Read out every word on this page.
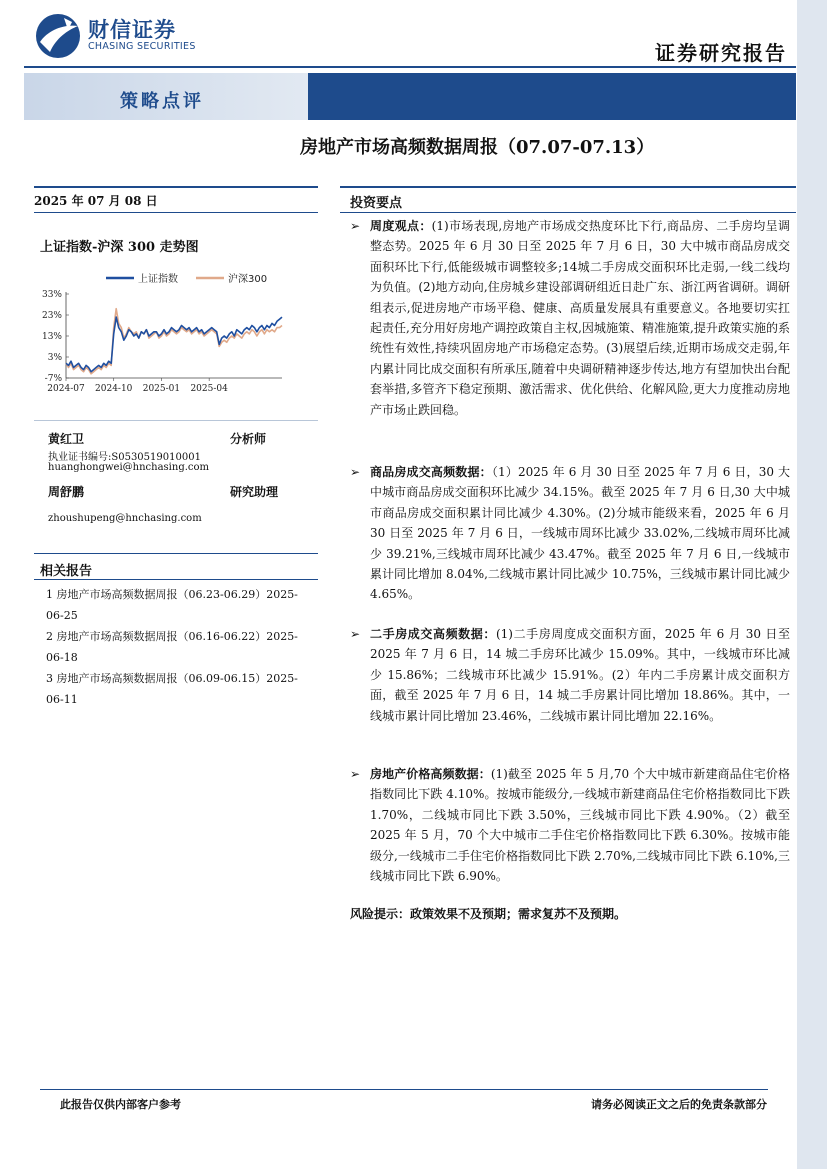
财信证券
CHASING SECURITIES	证券研究报告
策略点评
房地产市场高频数据周报（07.07-07.13）
2025 年 07 月 08 日
上证指数-沪深 300 走势图
上证指数	沪深300
33%
23%
13%
3%
-7%
2024-07 2024-10 2025-01 2025-04
黄红卫	分析师
执业证书编号:S0530519010001
huanghongwei@hnchasing.com
周舒鹏	研究助理
zhoushupeng@hnchasing.com
相关报告
1 房地产市场高频数据周报（06.23-06.29）2025-06-25
2 房地产市场高频数据周报（06.16-06.22）2025-06-18
3 房地产市场高频数据周报（06.09-06.15）2025-06-11
投资要点
➢ 周度观点：(1)市场表现,房地产市场成交热度环比下行,商品房、二手房均呈调整态势。2025 年 6 月 30 日至 2025 年 7 月 6 日，30 大中城市商品房成交面积环比下行,低能级城市调整较多;14城二手房成交面积环比走弱,一线二线均为负值。(2)地方动向,住房城乡建设部调研组近日赴广东、浙江两省调研。调研组表示,促进房地产市场平稳、健康、高质量发展具有重要意义。各地要切实扛起责任,充分用好房地产调控政策自主权,因城施策、精准施策,提升政策实施的系统性有效性,持续巩固房地产市场稳定态势。(3)展望后续,近期市场成交走弱,年内累计同比成交面积有所承压,随着中央调研精神逐步传达,地方有望加快出台配套举措,多管齐下稳定预期、激活需求、优化供给、化解风险,更大力度推动房地产市场止跌回稳。
➢ 商品房成交高频数据：（1）2025 年 6 月 30 日至 2025 年 7 月 6 日，30 大中城市商品房成交面积环比减少 34.15%。截至 2025 年 7 月 6 日,30 大中城市商品房成交面积累计同比减少 4.30%。(2)分城市能级来看，2025 年 6 月 30 日至 2025 年 7 月 6 日，一线城市周环比减少 33.02%,二线城市周环比减少 39.21%,三线城市周环比减少 43.47%。截至 2025 年 7 月 6 日,一线城市累计同比增加 8.04%,二线城市累计同比减少 10.75%，三线城市累计同比减少 4.65%。
➢ 二手房成交高频数据：(1)二手房周度成交面积方面，2025 年 6 月 30 日至 2025 年 7 月 6 日，14 城二手房环比减少 15.09%。其中，一线城市环比减少 15.86%；二线城市环比减少 15.91%。(2）年内二手房累计成交面积方面，截至 2025 年 7 月 6 日，14 城二手房累计同比增加 18.86%。其中，一线城市累计同比增加 23.46%，二线城市累计同比增加 22.16%。
➢ 房地产价格高频数据：(1)截至 2025 年 5 月,70 个大中城市新建商品住宅价格指数同比下跌 4.10%。按城市能级分,一线城市新建商品住宅价格指数同比下跌 1.70%，二线城市同比下跌 3.50%，三线城市同比下跌 4.90%。（2）截至 2025 年 5 月，70 个大中城市二手住宅价格指数同比下跌 6.30%。按城市能级分,一线城市二手住宅价格指数同比下跌 2.70%,二线城市同比下跌 6.10%,三线城市同比下跌 6.90%。
风险提示：政策效果不及预期；需求复苏不及预期。
此报告仅供内部客户参考	请务必阅读正文之后的免责条款部分
